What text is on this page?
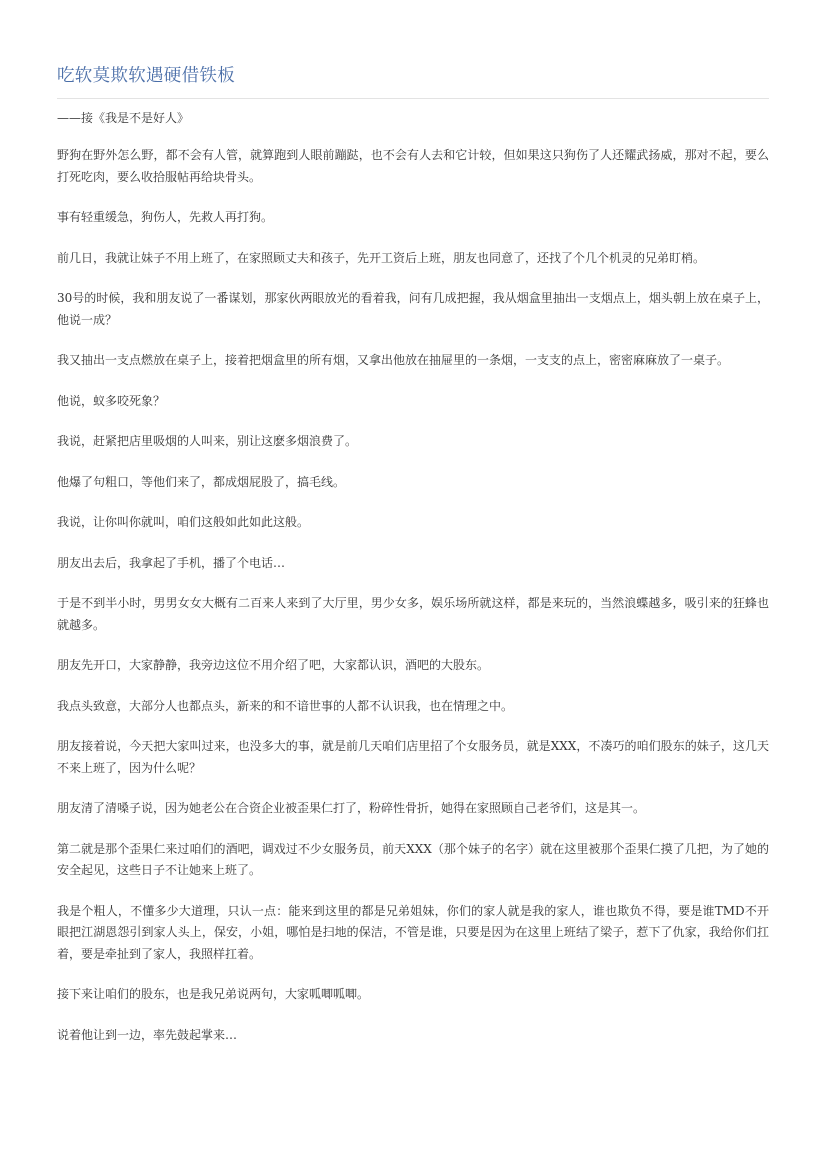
吃软莫欺软遇硬借铁板

——接《我是不是好人》

野狗在野外怎么野，都不会有人管，就算跑到人眼前蹦跶，也不会有人去和它计较，但如果这只狗伤了人还耀武扬威，那对不起，要么打死吃肉，要么收拾服帖再给块骨头。

事有轻重缓急，狗伤人，先救人再打狗。

前几日，我就让妹子不用上班了，在家照顾丈夫和孩子，先开工资后上班，朋友也同意了，还找了个几个机灵的兄弟盯梢。

30号的时候，我和朋友说了一番谋划，那家伙两眼放光的看着我，问有几成把握，我从烟盒里抽出一支烟点上，烟头朝上放在桌子上，他说一成？

我又抽出一支点燃放在桌子上，接着把烟盒里的所有烟，又拿出他放在抽屉里的一条烟，一支支的点上，密密麻麻放了一桌子。

他说，蚁多咬死象？

我说，赶紧把店里吸烟的人叫来，别让这麽多烟浪费了。

他爆了句粗口，等他们来了，都成烟屁股了，搞毛线。

我说，让你叫你就叫，咱们这般如此如此这般。

朋友出去后，我拿起了手机，播了个电话…

于是不到半小时，男男女女大概有二百来人来到了大厅里，男少女多，娱乐场所就这样，都是来玩的，当然浪蝶越多，吸引来的狂蜂也就越多。

朋友先开口，大家静静，我旁边这位不用介绍了吧，大家都认识，酒吧的大股东。

我点头致意，大部分人也都点头，新来的和不谙世事的人都不认识我，也在情理之中。

朋友接着说，今天把大家叫过来，也没多大的事，就是前几天咱们店里招了个女服务员，就是XXX，不凑巧的咱们股东的妹子，这几天不来上班了，因为什么呢？

朋友清了清嗓子说，因为她老公在合资企业被歪果仁打了，粉碎性骨折，她得在家照顾自己老爷们，这是其一。

第二就是那个歪果仁来过咱们的酒吧，调戏过不少女服务员，前天XXX（那个妹子的名字）就在这里被那个歪果仁摸了几把，为了她的安全起见，这些日子不让她来上班了。

我是个粗人，不懂多少大道理，只认一点：能来到这里的都是兄弟姐妹，你们的家人就是我的家人，谁也欺负不得，要是谁TMD不开眼把江湖恩怨引到家人头上，保安，小姐，哪怕是扫地的保洁，不管是谁，只要是因为在这里上班结了梁子，惹下了仇家，我给你们扛着，要是牵扯到了家人，我照样扛着。

接下来让咱们的股东，也是我兄弟说两句，大家呱唧呱唧。

说着他让到一边，率先鼓起掌来…
